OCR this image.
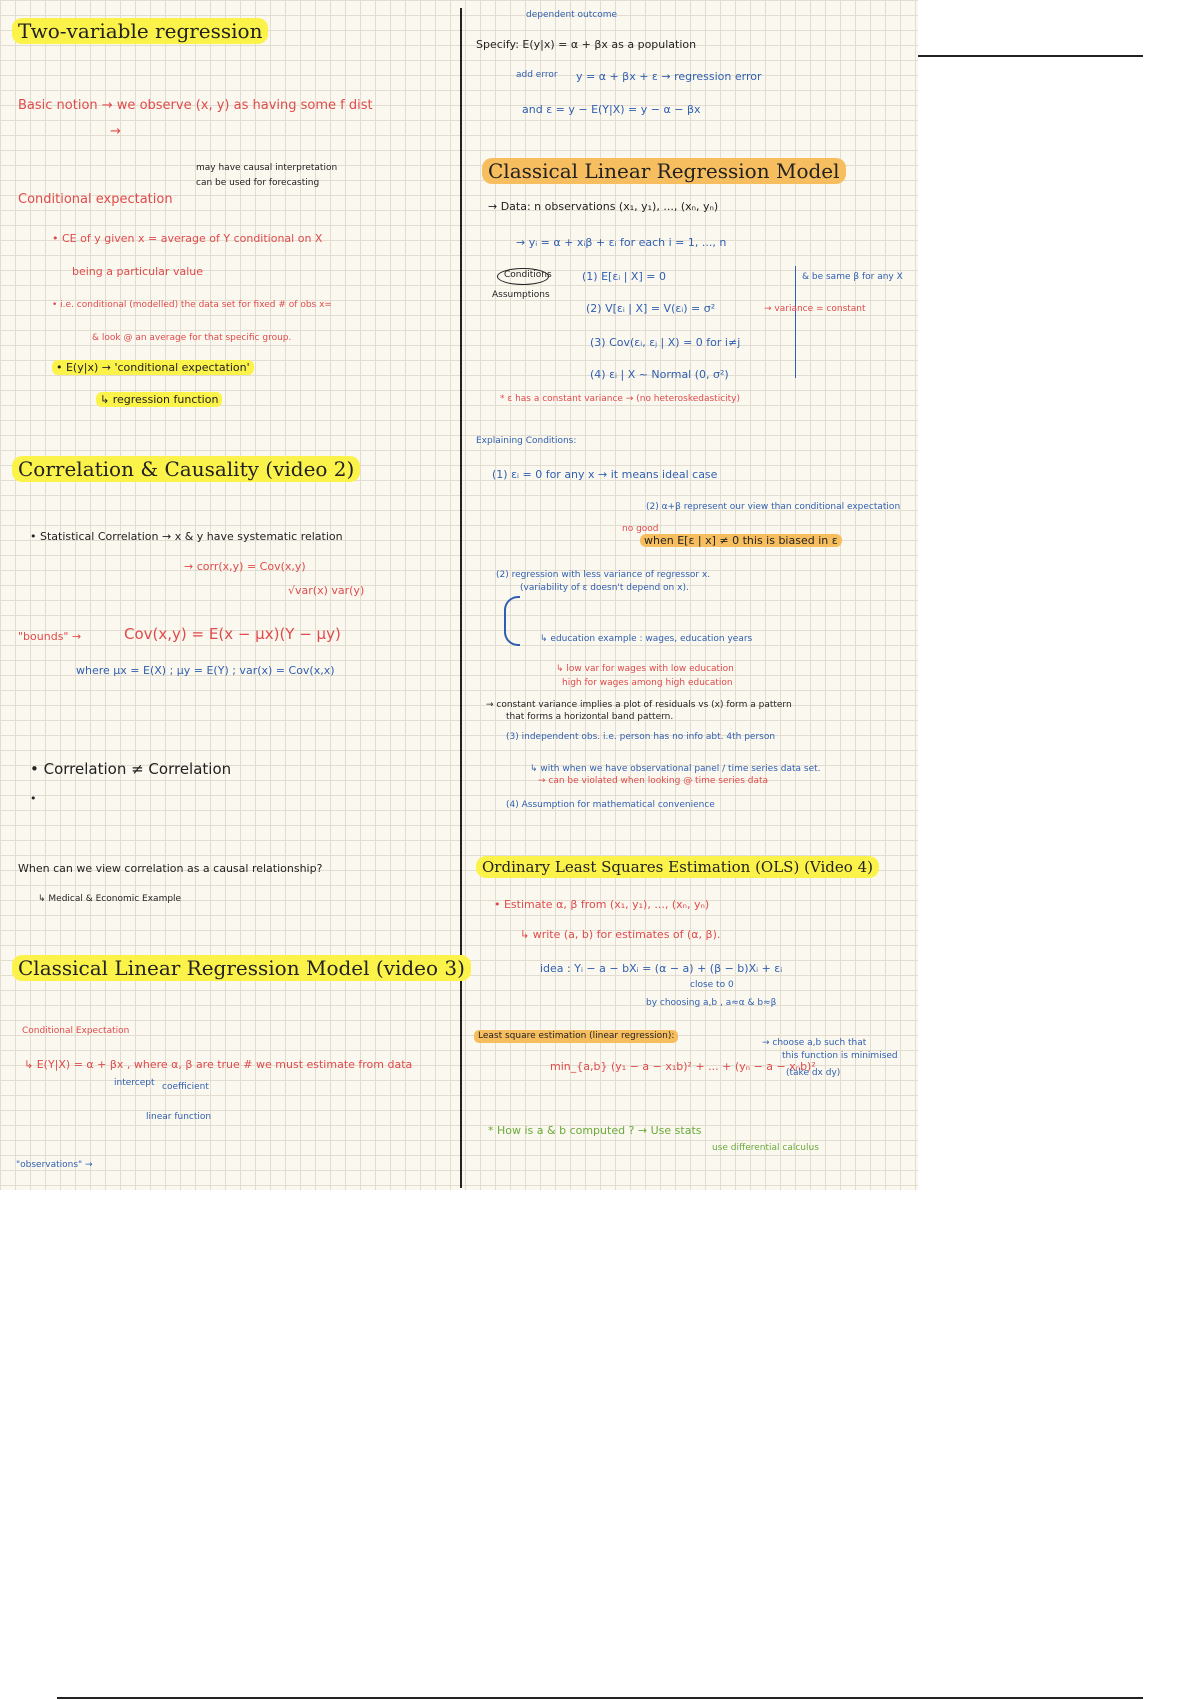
Two-variable regression
Basic notion → we observe (x, y) as having some f dist
→
may have causal interpretation
can be used for forecasting
Conditional expectation
• CE of y given x = average of Y conditional on X
being a particular value
• i.e. conditional (modelled) the data set for fixed # of obs x=
& look @ an average for that specific group.
• E(y|x) → 'conditional expectation'
↳ regression function
Correlation & Causality (video 2)
• Statistical Correlation → x & y have systematic relation
→ corr(x,y) = Cov(x,y)
√var(x) var(y)
"bounds" →	Cov(x,y) = E(x − μx)(Y − μy)
where μx = E(X) ; μy = E(Y) ; var(x) = Cov(x,x)
• Correlation ≠ Correlation
•
When can we view correlation as a causal relationship?
↳ Medical & Economic Example
Classical Linear Regression Model (video 3)
Conditional Expectation
↳ E(Y|X) = α + βx , where α, β are true # we must estimate from data
intercept coefficient
linear function
"observations" →
dependent outcome
Specify: E(y|x) = α + βx as a population
add error y = α + βx + ε → regression error
and ε = y − E(Y|X) = y − α − βx
Classical Linear Regression Model
→ Data: n observations (x₁, y₁), ..., (xₙ, yₙ)
→ yᵢ = α + xᵢβ + εᵢ for each i = 1, ..., n
Conditions
Assumptions
(1) E[εᵢ | X] = 0
(2) V[εᵢ | X] = V(εᵢ) = σ²
(3) Cov(εᵢ, εⱼ | X) = 0 for i≠j
(4) εᵢ | X ~ Normal (0, σ²)
& be same β for any X
→ variance = constant
* ε has a constant variance → (no heteroskedasticity)
Explaining Conditions:
(1) εᵢ = 0 for any x → it means ideal case
(2) α+β represent our view than conditional expectation
no good
when E[ε | x] ≠ 0 this is biased in ε
(2) regression with less variance of regressor x.
(variability of ε doesn't depend on x).
↳ education example : wages, education years
↳ low var for wages with low education
high for wages among high education
→ constant variance implies a plot of residuals vs (x) form a pattern
that forms a horizontal band pattern.
(3) independent obs. i.e. person has no info abt. 4th person
↳ with when we have observational panel / time series data set.
→ can be violated when looking @ time series data
(4) Assumption for mathematical convenience
Ordinary Least Squares Estimation (OLS) (Video 4)
• Estimate α, β from (x₁, y₁), ..., (xₙ, yₙ)
↳ write (a, b) for estimates of (α, β).
idea : Yᵢ − a − bXᵢ = (α − a) + (β − b)Xᵢ + εᵢ
close to 0
by choosing a,b , a≈α & b≈β
Least square estimation (linear regression):
min_{a,b} (y₁ − a − x₁b)² + ... + (yₙ − a − xₙb)²
→ choose a,b such that
this function is minimised
(take dx dy)
* How is a & b computed ? → Use stats
use differential calculus
